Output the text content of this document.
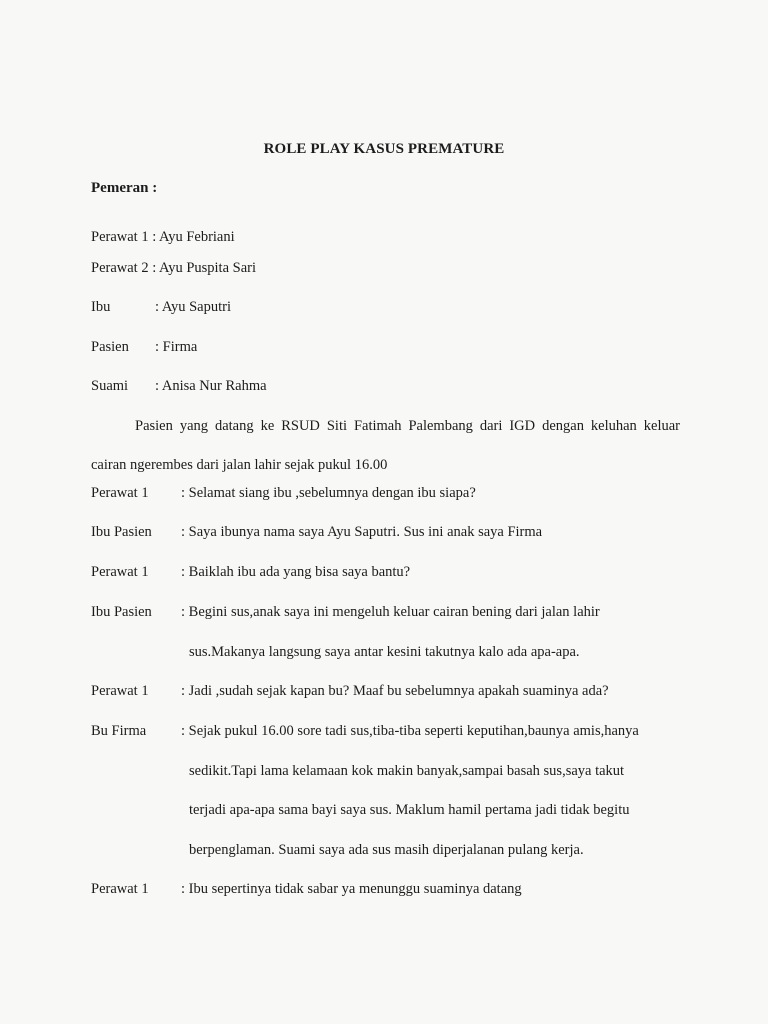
ROLE PLAY KASUS PREMATURE
Pemeran :
Perawat 1 : Ayu Febriani
Perawat 2 : Ayu Puspita Sari
Ibu	: Ayu Saputri
Pasien : Firma
Suami : Anisa Nur Rahma
Pasien yang datang ke RSUD Siti Fatimah Palembang dari IGD dengan keluhan keluar
cairan ngerembes dari jalan lahir sejak pukul 16.00
Perawat 1 : Selamat siang ibu ,sebelumnya dengan ibu siapa?
Ibu Pasien : Saya ibunya nama saya Ayu Saputri. Sus ini anak saya Firma
Perawat 1 : Baiklah ibu ada yang bisa saya bantu?
Ibu Pasien : Begini sus,anak saya ini mengeluh keluar cairan bening dari jalan lahir
sus.Makanya langsung saya antar kesini takutnya kalo ada apa-apa.
Perawat 1 : Jadi ,sudah sejak kapan bu? Maaf bu sebelumnya apakah suaminya ada?
Bu Firma : Sejak pukul 16.00 sore tadi sus,tiba-tiba seperti keputihan,baunya amis,hanya
sedikit.Tapi lama kelamaan kok makin banyak,sampai basah sus,saya takut
terjadi apa-apa sama bayi saya sus. Maklum hamil pertama jadi tidak begitu
berpenglaman. Suami saya ada sus masih diperjalanan pulang kerja.
Perawat 1 : Ibu sepertinya tidak sabar ya menunggu suaminya datang
